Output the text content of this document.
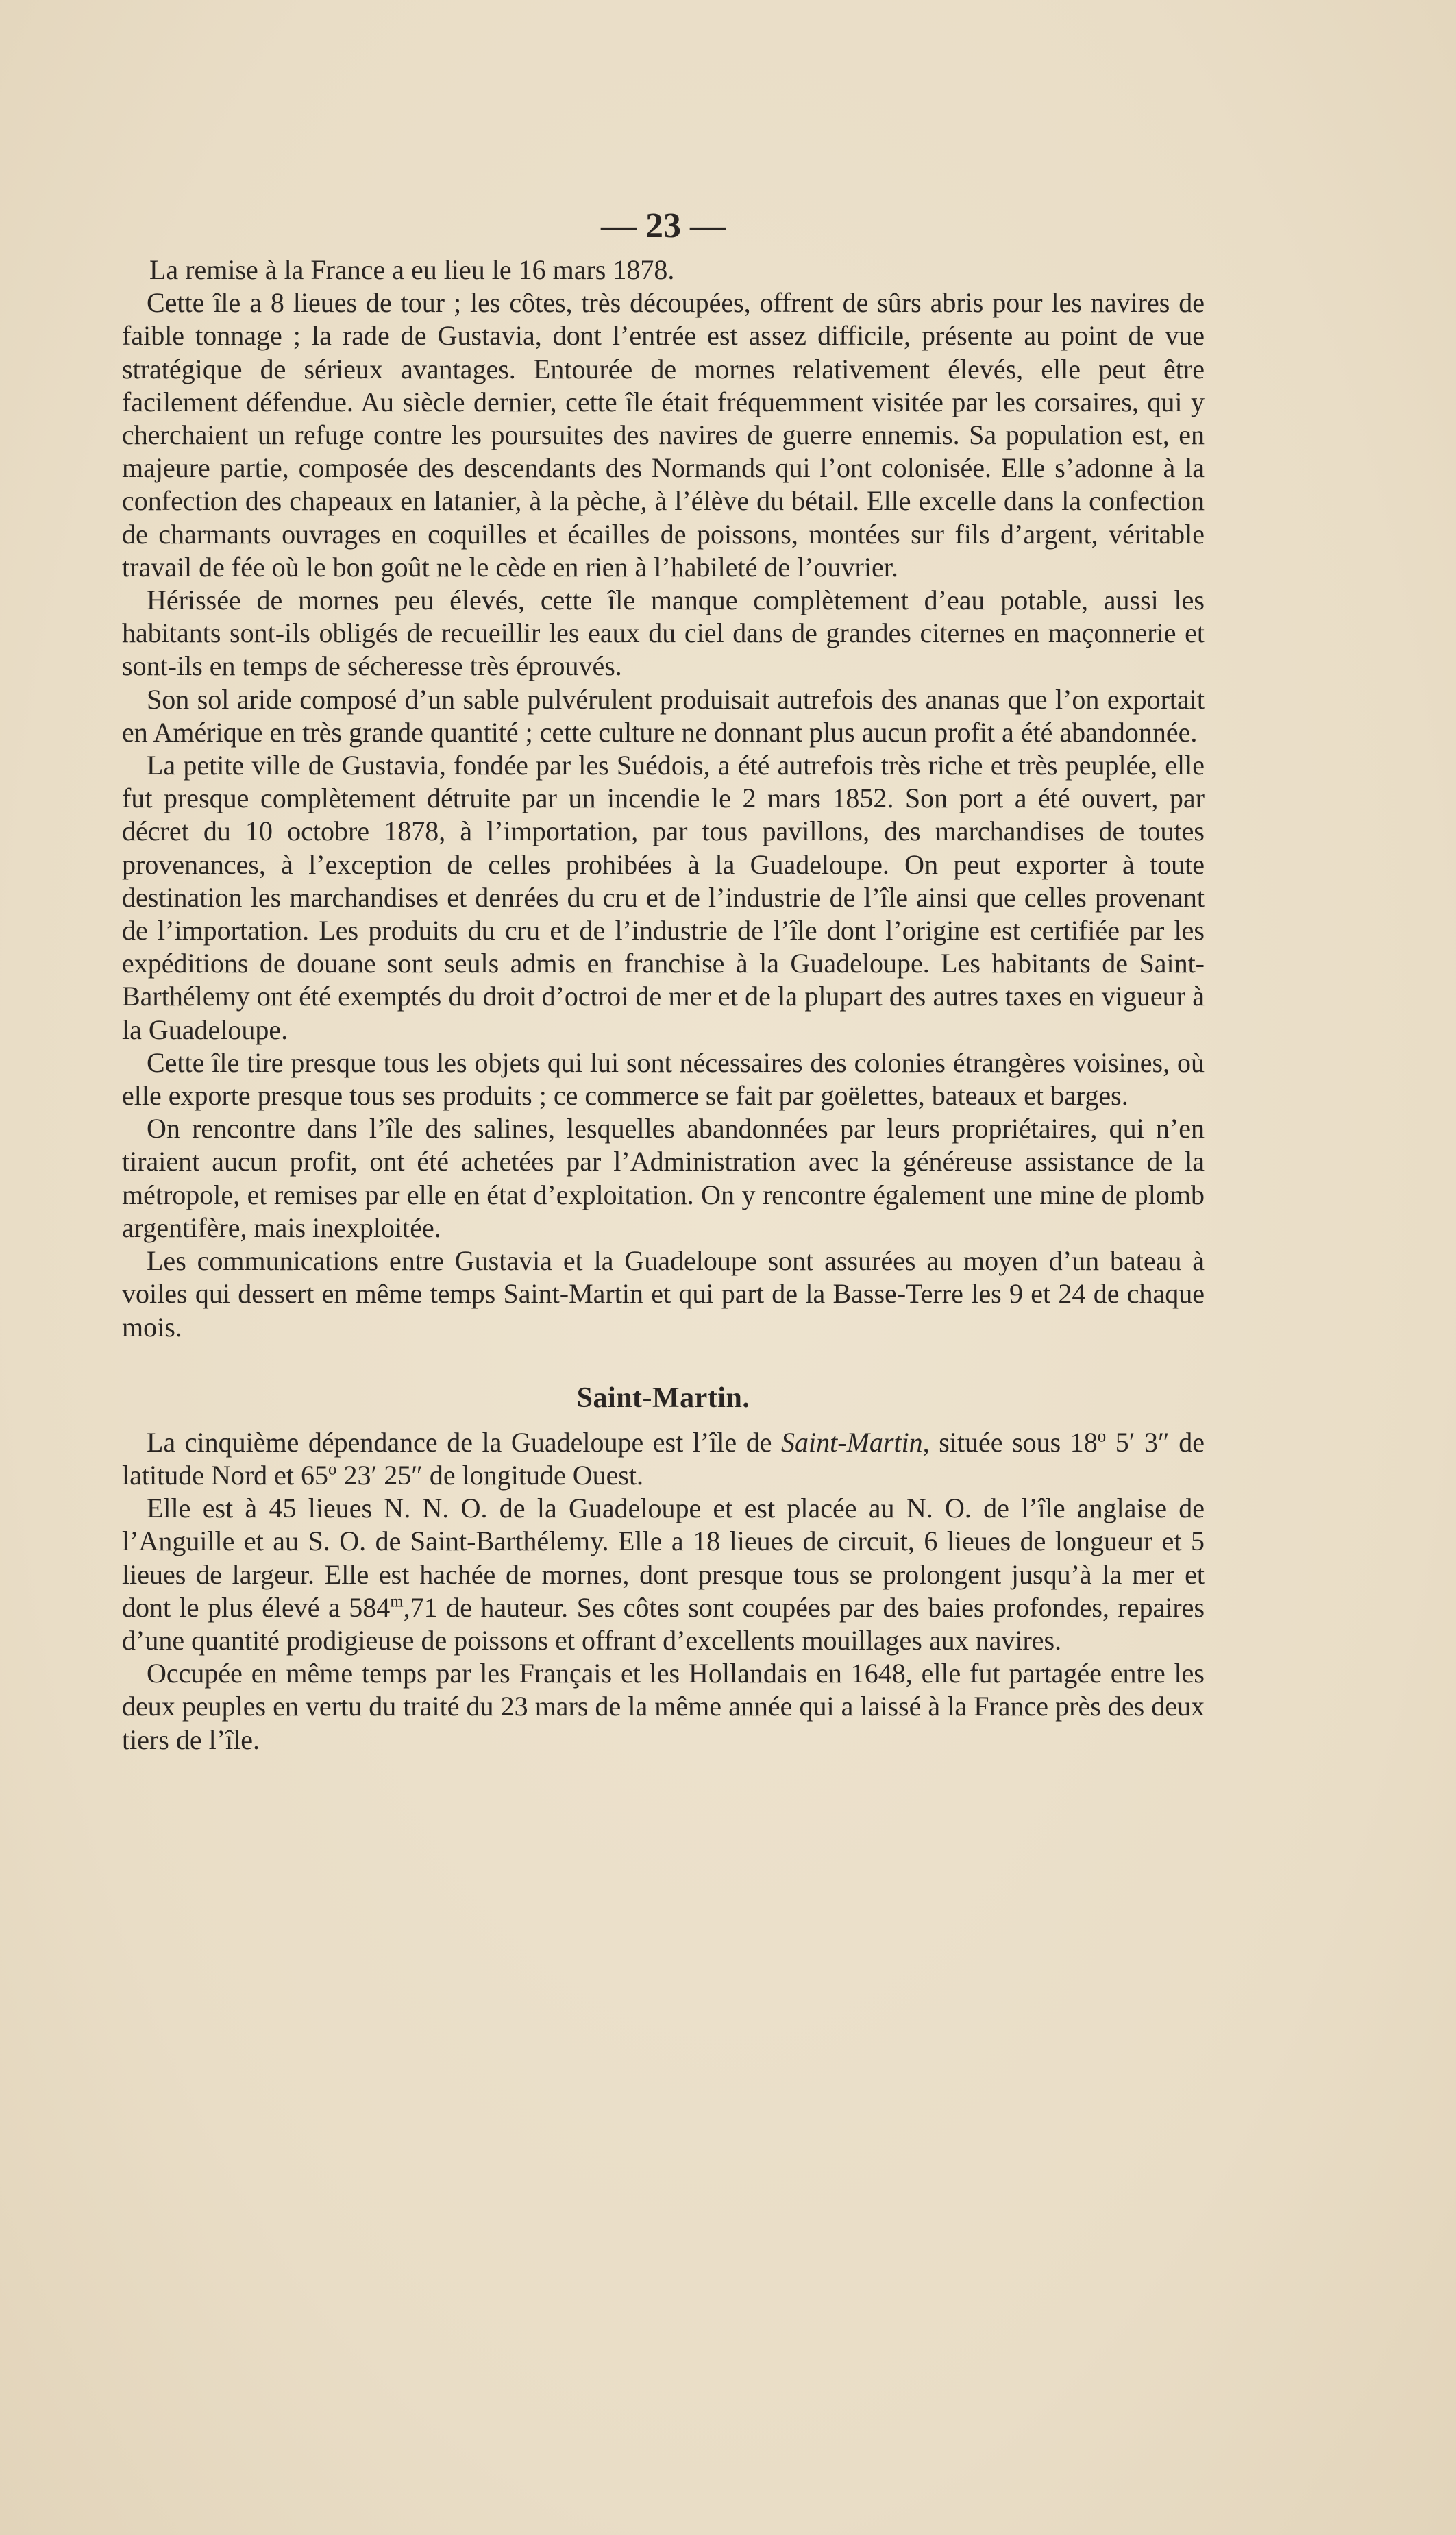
— 23 —

La remise à la France a eu lieu le 16 mars 1878.

Cette île a 8 lieues de tour ; les côtes, très découpées, offrent de sûrs abris pour les navires de faible tonnage ; la rade de Gustavia, dont l’entrée est assez difficile, présente au point de vue stratégique de sérieux avantages. Entourée de mornes relativement élevés, elle peut être facilement défendue. Au siècle dernier, cette île était fréquemment visitée par les corsaires, qui y cherchaient un refuge contre les poursuites des navires de guerre ennemis. Sa population est, en majeure partie, composée des descendants des Normands qui l’ont colonisée. Elle s’adonne à la confection des chapeaux en latanier, à la pèche, à l’élève du bétail. Elle excelle dans la confection de charmants ouvrages en coquilles et écailles de poissons, montées sur fils d’argent, véritable travail de fée où le bon goût ne le cède en rien à l’habileté de l’ouvrier.

Hérissée de mornes peu élevés, cette île manque complètement d’eau potable, aussi les habitants sont-ils obligés de recueillir les eaux du ciel dans de grandes citernes en maçonnerie et sont-ils en temps de sécheresse très éprouvés.

Son sol aride composé d’un sable pulvérulent produisait autrefois des ananas que l’on exportait en Amérique en très grande quantité ; cette culture ne donnant plus aucun profit a été abandonnée.

La petite ville de Gustavia, fondée par les Suédois, a été autrefois très riche et très peuplée, elle fut presque complètement détruite par un incendie le 2 mars 1852. Son port a été ouvert, par décret du 10 octobre 1878, à l’importation, par tous pavillons, des marchandises de toutes provenances, à l’exception de celles prohibées à la Guadeloupe. On peut exporter à toute destination les marchandises et denrées du cru et de l’industrie de l’île ainsi que celles provenant de l’importation. Les produits du cru et de l’industrie de l’île dont l’origine est certifiée par les expéditions de douane sont seuls admis en franchise à la Guadeloupe. Les habitants de Saint-Barthélemy ont été exemptés du droit d’octroi de mer et de la plupart des autres taxes en vigueur à la Guadeloupe.

Cette île tire presque tous les objets qui lui sont nécessaires des colonies étrangères voisines, où elle exporte presque tous ses produits ; ce commerce se fait par goëlettes, bateaux et barges.

On rencontre dans l’île des salines, lesquelles abandonnées par leurs propriétaires, qui n’en tiraient aucun profit, ont été achetées par l’Administration avec la généreuse assistance de la métropole, et remises par elle en état d’exploitation. On y rencontre également une mine de plomb argentifère, mais inexploitée.

Les communications entre Gustavia et la Guadeloupe sont assurées au moyen d’un bateau à voiles qui dessert en même temps Saint-Martin et qui part de la Basse-Terre les 9 et 24 de chaque mois.

Saint-Martin.

La cinquième dépendance de la Guadeloupe est l’île de Saint-Martin, située sous 18$^o$ 5′ 3″ de latitude Nord et 65$^o$ 23′ 25″ de longitude Ouest.

Elle est à 45 lieues N. N. O. de la Guadeloupe et est placée au N. O. de l’île anglaise de l’Anguille et au S. O. de Saint-Barthélemy. Elle a 18 lieues de circuit, 6 lieues de longueur et 5 lieues de largeur. Elle est hachée de mornes, dont presque tous se prolongent jusqu’à la mer et dont le plus élevé a 584$^m$,71 de hauteur. Ses côtes sont coupées par des baies profondes, repaires d’une quantité prodigieuse de poissons et offrant d’excellents mouillages aux navires.

Occupée en même temps par les Français et les Hollandais en 1648, elle fut partagée entre les deux peuples en vertu du traité du 23 mars de la même année qui a laissé à la France près des deux tiers de l’île.
